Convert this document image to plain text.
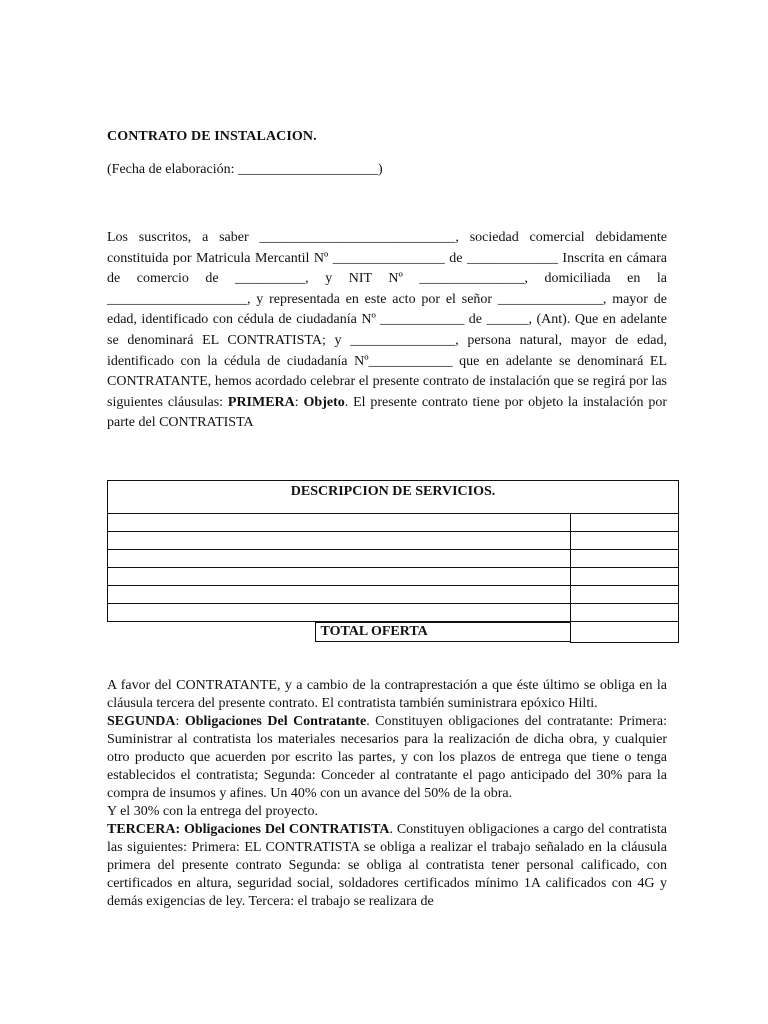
CONTRATO DE INSTALACION.
(Fecha de elaboración: ____________________)
Los suscritos, a saber ____________________________, sociedad comercial debidamente constituida por Matricula Mercantil Nº ________________ de _____________ Inscrita en cámara de comercio de __________, y NIT Nº _______________, domiciliada en la ____________________, y representada en este acto por el señor _______________, mayor de edad, identificado con cédula de ciudadanía Nº ____________ de ______, (Ant). Que en adelante se denominará EL CONTRATISTA; y _______________, persona natural, mayor de edad, identificado con la cédula de ciudadanía Nº____________ que en adelante se denominará EL CONTRATANTE, hemos acordado celebrar el presente contrato de instalación que se regirá por las siguientes cláusulas: PRIMERA: Objeto. El presente contrato tiene por objeto la instalación por parte del CONTRATISTA
DESCRIPCION DE SERVICIOS.	

TOTAL OFERTA	

A favor del CONTRATANTE, y a cambio de la contraprestación a que éste último se obliga en la cláusula tercera del presente contrato. El contratista también suministrara epóxico Hilti.

SEGUNDA: Obligaciones Del Contratante. Constituyen obligaciones del contratante: Primera: Suministrar al contratista los materiales necesarios para la realización de dicha obra, y cualquier otro producto que acuerden por escrito las partes, y con los plazos de entrega que tiene o tenga establecidos el contratista; Segunda: Conceder al contratante el pago anticipado del 30% para la compra de insumos y afines. Un 40% con un avance del 50% de la obra.

Y el 30% con la entrega del proyecto.

TERCERA: Obligaciones Del CONTRATISTA. Constituyen obligaciones a cargo del contratista las siguientes: Primera: EL CONTRATISTA se obliga a realizar el trabajo señalado en la cláusula primera del presente contrato Segunda: se obliga al contratista tener personal calificado, con certificados en altura, seguridad social, soldadores certificados mínimo 1A calificados con 4G y demás exigencias de ley. Tercera: el trabajo se realizara de
